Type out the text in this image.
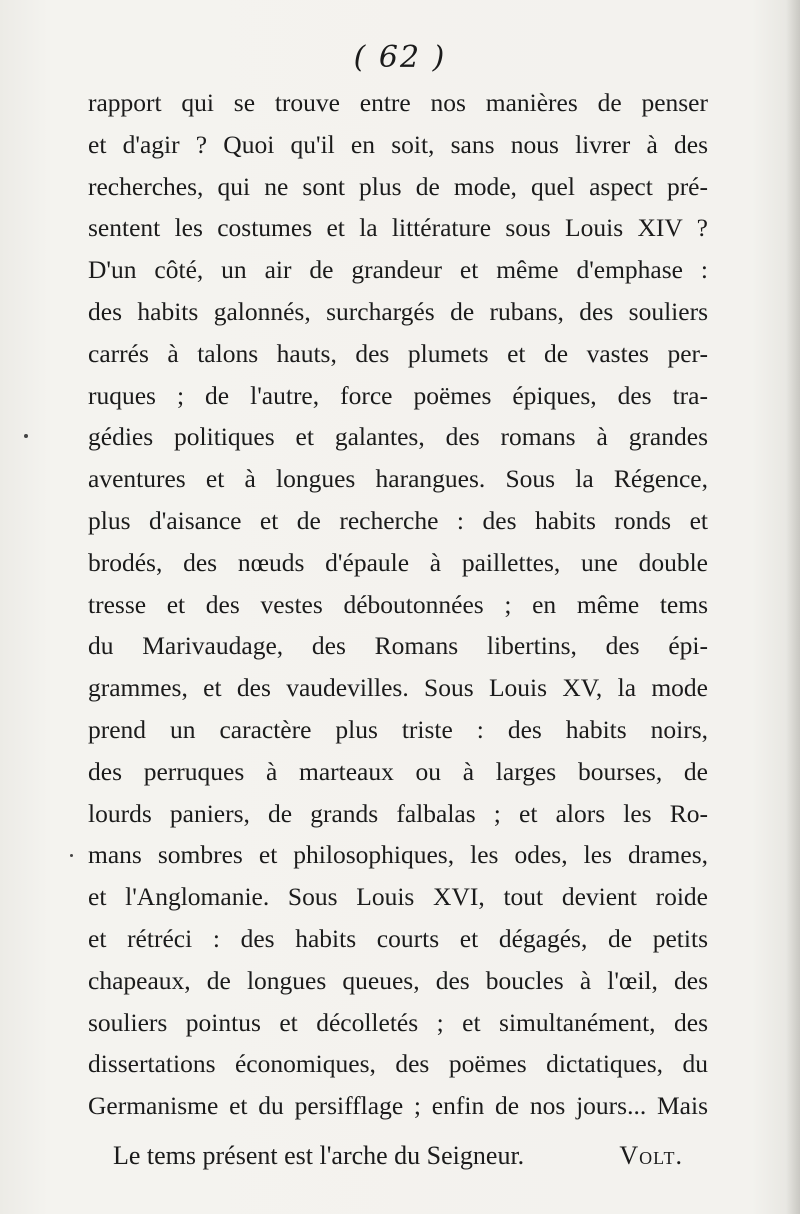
( 62 )
rapport qui se trouve entre nos manières de penser
et d'agir ? Quoi qu'il en soit, sans nous livrer à des
recherches, qui ne sont plus de mode, quel aspect pré-
sentent les costumes et la littérature sous Louis XIV ?
D'un côté, un air de grandeur et même d'emphase :
des habits galonnés, surchargés de rubans, des souliers
carrés à talons hauts, des plumets et de vastes per-
ruques ; de l'autre, force poëmes épiques, des tra-
gédies politiques et galantes, des romans à grandes
aventures et à longues harangues. Sous la Régence,
plus d'aisance et de recherche : des habits ronds et
brodés, des nœuds d'épaule à paillettes, une double
tresse et des vestes déboutonnées ; en même tems
du Marivaudage, des Romans libertins, des épi-
grammes, et des vaudevilles. Sous Louis XV, la mode
prend un caractère plus triste : des habits noirs,
des perruques à marteaux ou à larges bourses, de
lourds paniers, de grands falbalas ; et alors les Ro-
mans sombres et philosophiques, les odes, les drames,
et l'Anglomanie. Sous Louis XVI, tout devient roide
et rétréci : des habits courts et dégagés, de petits
chapeaux, de longues queues, des boucles à l'œil, des
souliers pointus et décolletés ; et simultanément, des
dissertations économiques, des poëmes dictatiques, du
Germanisme et du persifflage ; enfin de nos jours... Mais
Le tems présent est l'arche du Seigneur.	Volt.
